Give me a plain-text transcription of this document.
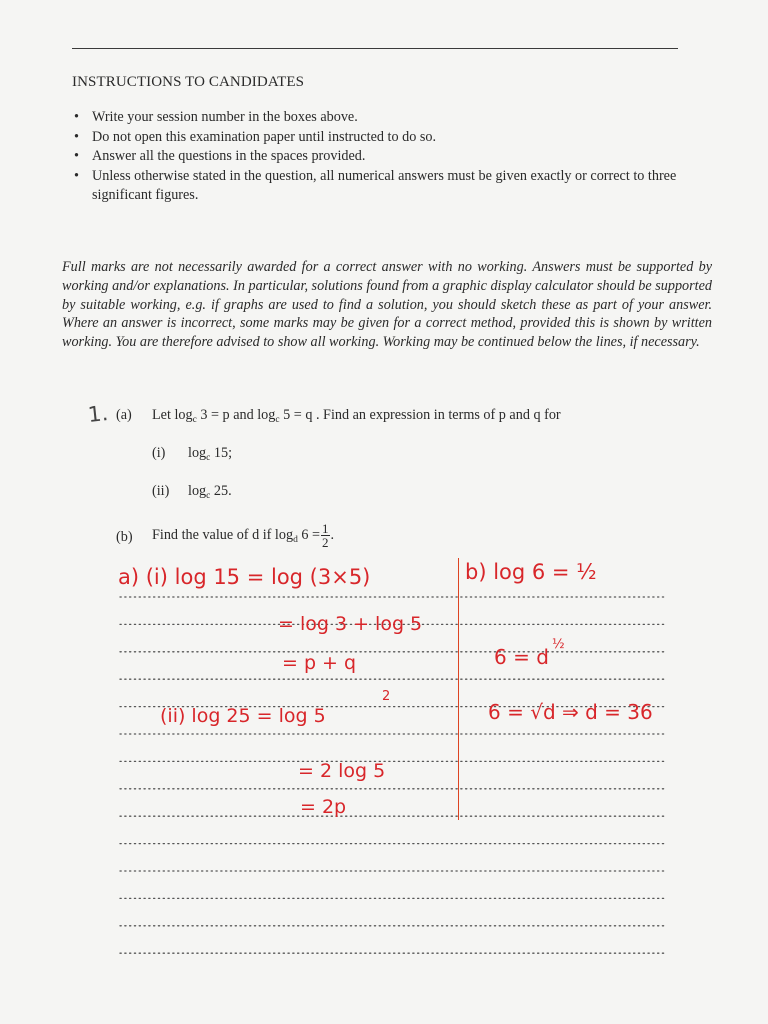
INSTRUCTIONS TO CANDIDATES
• Write your session number in the boxes above.
• Do not open this examination paper until instructed to do so.
• Answer all the questions in the spaces provided.
• Unless otherwise stated in the question, all numerical answers must be given exactly or correct to three significant figures.
Full marks are not necessarily awarded for a correct answer with no working. Answers must be supported by working and/or explanations. In particular, solutions found from a graphic display calculator should be supported by suitable working, e.g. if graphs are used to find a solution, you should sketch these as part of your answer. Where an answer is incorrect, some marks may be given for a correct method, provided this is shown by written working. You are therefore advised to show all working. Working may be continued below the lines, if necessary.
1. (a) Let $\log_c 3 = p$ and $\log_c 5 = q$ . Find an expression in terms of p and q for
(i) $\log_c 15$;
(ii) $\log_c 25$.
(b) Find the value of d if $\log_d 6 = \frac{1}{2}$ .
a) (i) log 15 = log (3×5)
= log 3 + log 5
= p + q
(ii) log 25 = log 5
2
= 2 log 5
= 2p
b) log 6 = ½
6 = d
½
6 = √d ⇒ d = 36
